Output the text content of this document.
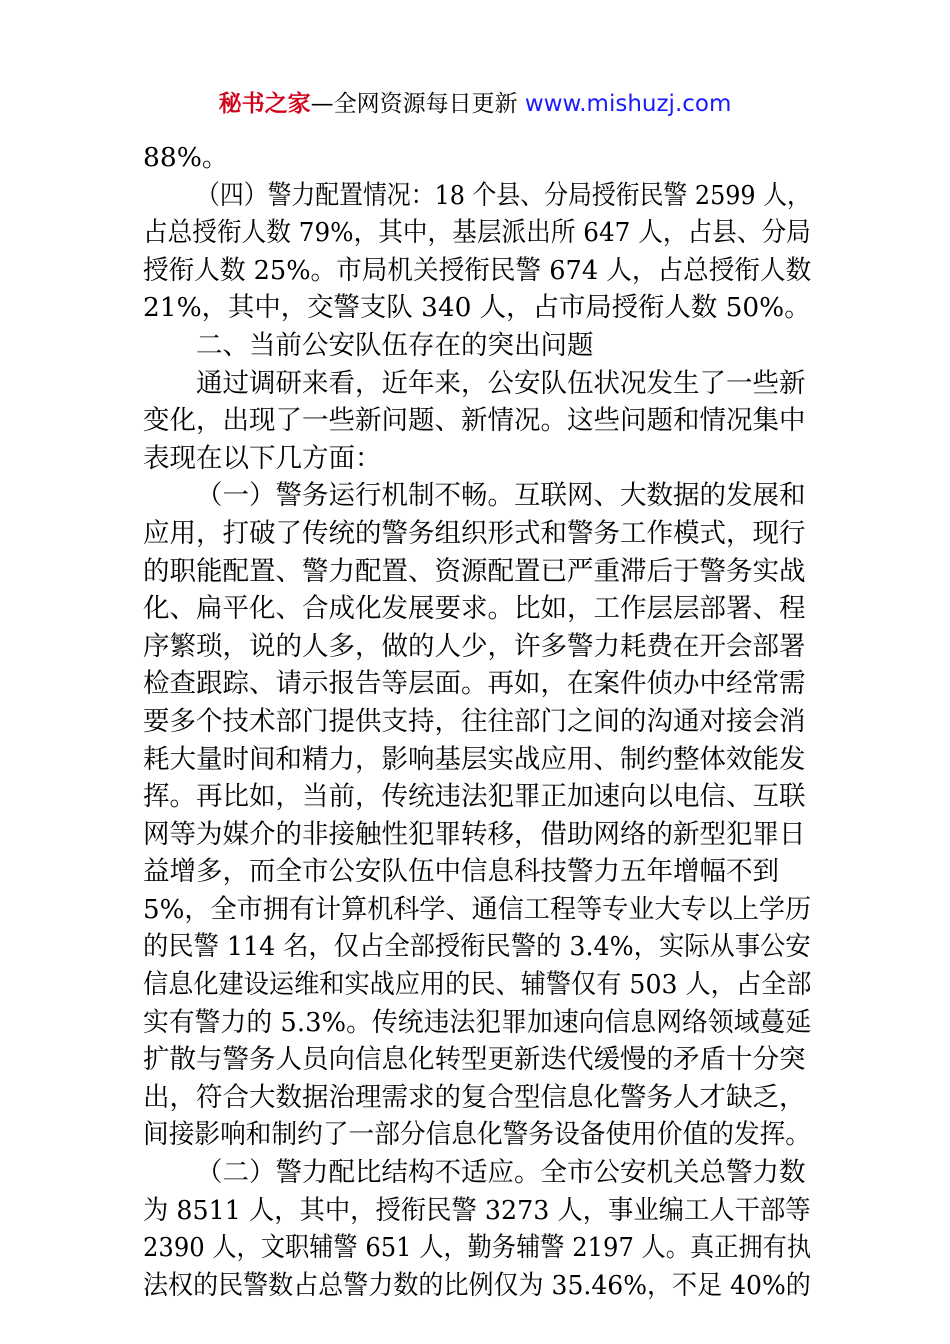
秘书之家—全网资源每日更新 www.mishuzj.com
88%。
（四）警力配置情况：18 个县、分局授衔民警 2599 人，
占总授衔人数 79%，其中，基层派出所 647 人，占县、分局
授衔人数 25%。市局机关授衔民警 674 人，占总授衔人数
21%，其中，交警支队 340 人，占市局授衔人数 50%。
二、当前公安队伍存在的突出问题
通过调研来看，近年来，公安队伍状况发生了一些新
变化，出现了一些新问题、新情况。这些问题和情况集中
表现在以下几方面：
（一）警务运行机制不畅。互联网、大数据的发展和
应用，打破了传统的警务组织形式和警务工作模式，现行
的职能配置、警力配置、资源配置已严重滞后于警务实战
化、扁平化、合成化发展要求。比如，工作层层部署、程
序繁琐，说的人多，做的人少，许多警力耗费在开会部署
检查跟踪、请示报告等层面。再如，在案件侦办中经常需
要多个技术部门提供支持，往往部门之间的沟通对接会消
耗大量时间和精力，影响基层实战应用、制约整体效能发
挥。再比如，当前，传统违法犯罪正加速向以电信、互联
网等为媒介的非接触性犯罪转移，借助网络的新型犯罪日
益增多，而全市公安队伍中信息科技警力五年增幅不到
5%，全市拥有计算机科学、通信工程等专业大专以上学历
的民警 114 名，仅占全部授衔民警的 3.4%，实际从事公安
信息化建设运维和实战应用的民、辅警仅有 503 人，占全部
实有警力的 5.3%。传统违法犯罪加速向信息网络领域蔓延
扩散与警务人员向信息化转型更新迭代缓慢的矛盾十分突
出，符合大数据治理需求的复合型信息化警务人才缺乏，
间接影响和制约了一部分信息化警务设备使用价值的发挥。
（二）警力配比结构不适应。全市公安机关总警力数
为 8511 人，其中，授衔民警 3273 人，事业编工人干部等
2390 人，文职辅警 651 人，勤务辅警 2197 人。真正拥有执
法权的民警数占总警力数的比例仅为 35.46%，不足 40%的
